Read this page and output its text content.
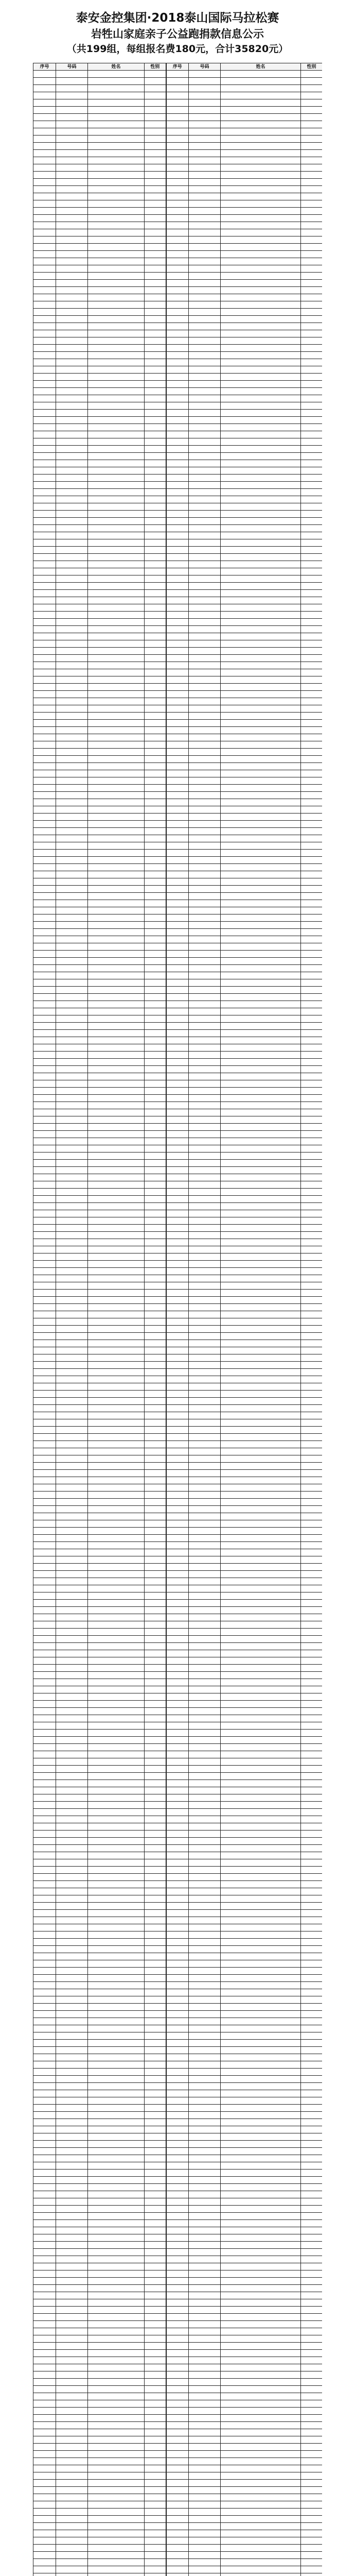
泰安金控集团·2018泰山国际马拉松赛
岩牲山家庭亲子公益跑捐款信息公示
（共199组，每组报名费180元，合计35820元）
序号	号码	姓名	性别	序号	号码	姓名	性别
